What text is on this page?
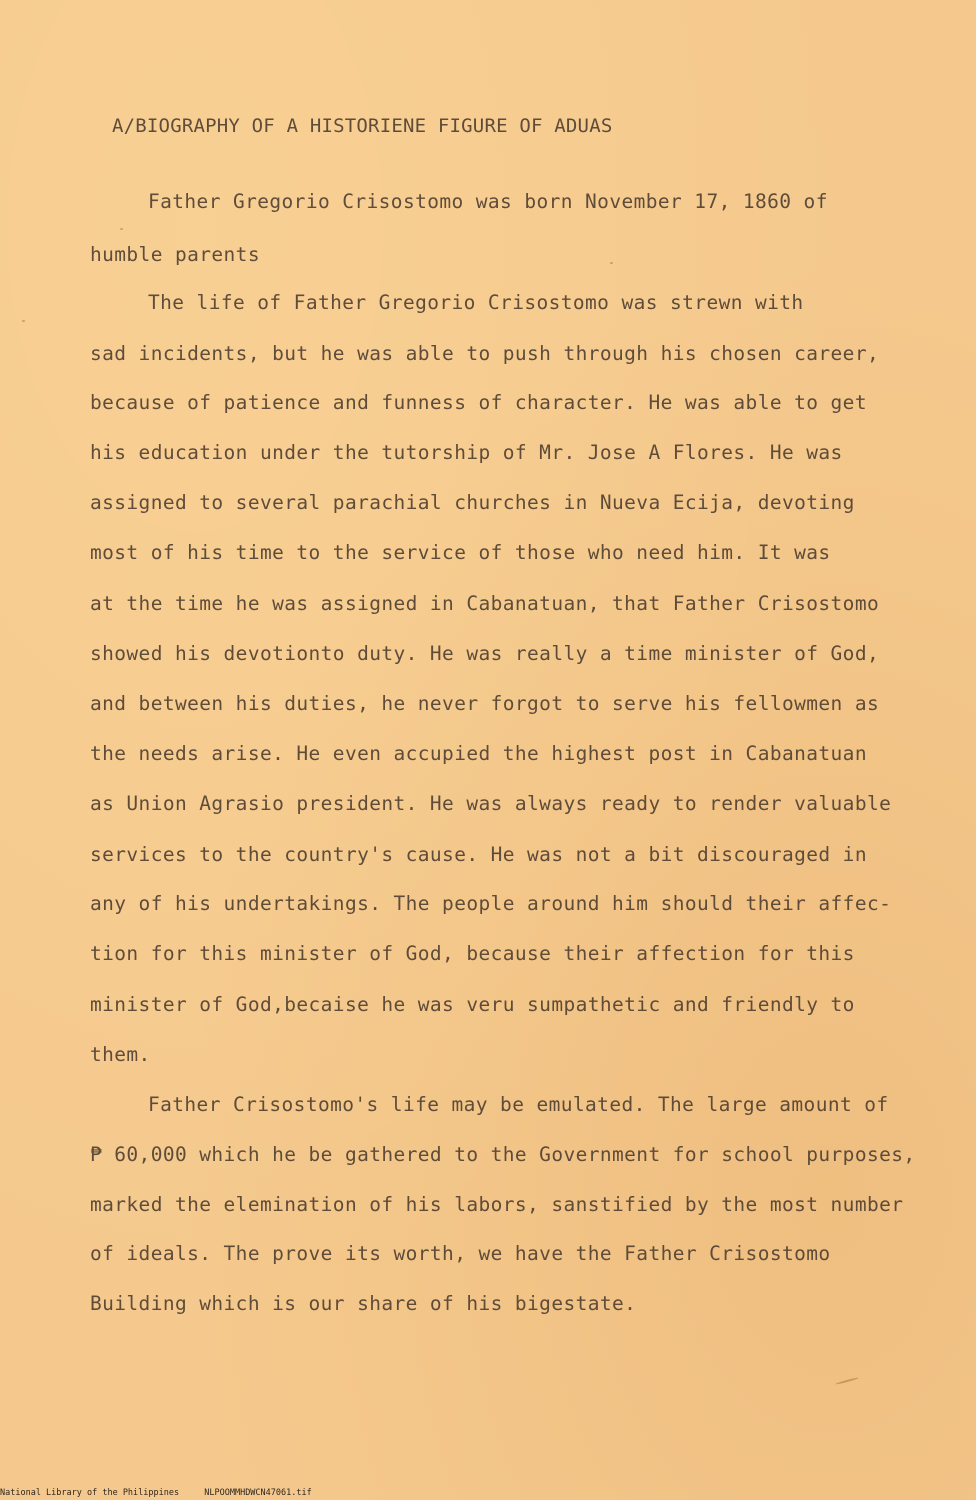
A/BIOGRAPHY OF A HISTORIENE FIGURE OF ADUAS

Father Gregorio Crisostomo was born November 17, 1860 of

humble parents

The life of Father Gregorio Crisostomo was strewn with

sad incidents, but he was able to push through his chosen career,

because of patience and funness of character. He was able to get

his education under the tutorship of Mr. Jose A Flores. He was

assigned to several parachial churches in Nueva Ecija, devoting

most of his time to the service of those who need him. It was

at the time he was assigned in Cabanatuan, that Father Crisostomo

showed his devotionto duty. He was really a time minister of God,

and between his duties, he never forgot to serve his fellowmen as

the needs arise. He even accupied the highest post in Cabanatuan

as Union Agrasio president. He was always ready to render valuable

services to the country's cause. He was not a bit discouraged in

any of his undertakings. The people around him should their affec-

tion for this minister of God, because their affection for this

minister of God,becaise he was veru sumpathetic and friendly to

them.

Father Crisostomo's life may be emulated. The large amount of

₱ 60,000 which he be gathered to the Government for school purposes,

marked the elemination of his labors, sanstified by the most number

of ideals. The prove its worth, we have the Father Crisostomo

Building which is our share of his bigestate.

National Library of the Philippines	NLPOOMMHDWCN47061.tif
